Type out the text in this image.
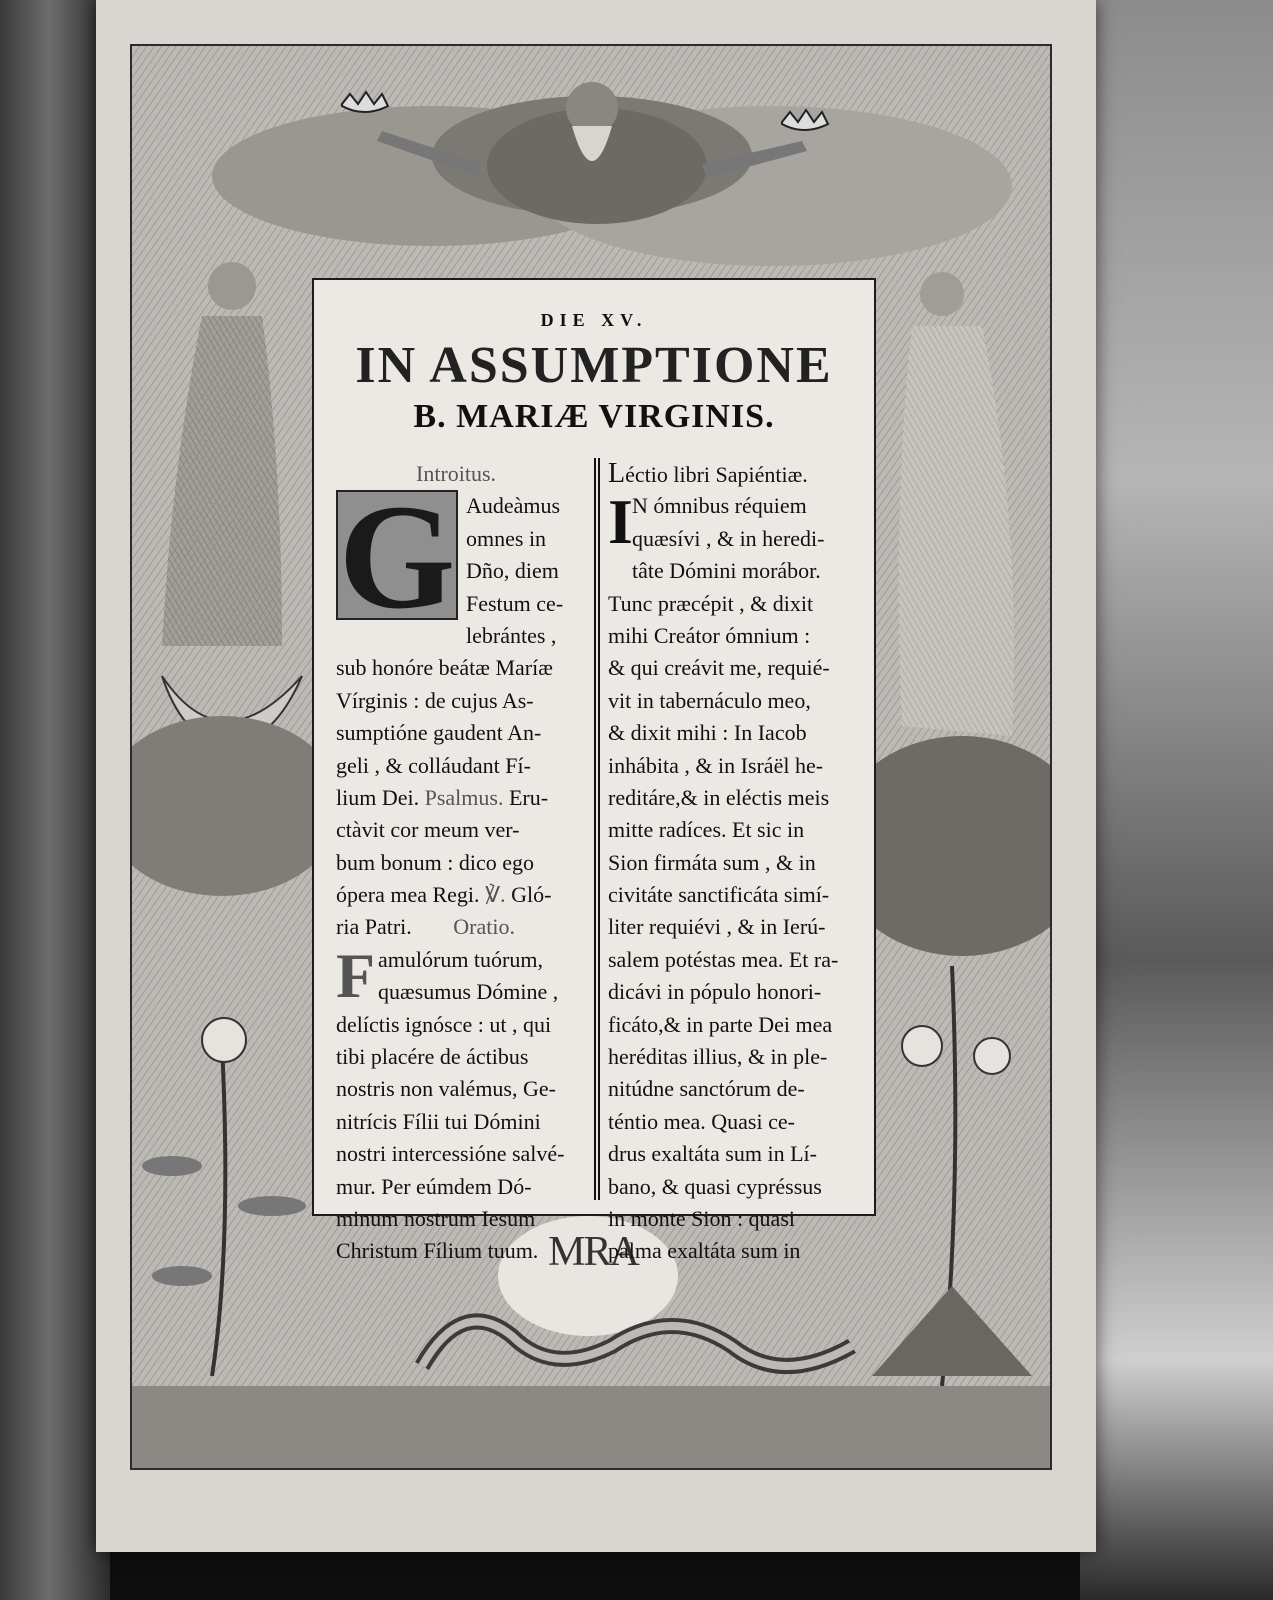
MRA
DIE XV.
IN ASSUMPTIONE
B. MARIÆ VIRGINIS.
Introitus.
G Audeàmus
omnes in
Dño, diem
Festum ce-
lebrántes ,
sub honóre beátæ Maríæ
Vírginis : de cujus As-
sumptióne gaudent An-
geli , & colláudant Fí-
lium Dei. Psalmus. Eru-
ctàvit cor meum ver-
bum bonum : dico ego
ópera mea Regi. ℣. Gló-
ria Patri. Oratio.
F amulórum tuórum,
quæsumus Dómine ,
delíctis ignósce : ut , qui
tibi placére de áctibus
nostris non valémus, Ge-
nitrícis Fílii tui Dómini
nostri intercessióne salvé-
mur. Per eúmdem Dó-
minum nostrum Iesum
Christum Fílium tuum.
Léctio libri Sapiéntiæ.
I N ómnibus réquiem
quæsívi , & in heredi-
tâte Dómini morábor.
Tunc præcépit , & dixit
mihi Creátor ómnium :
& qui creávit me, requié-
vit in tabernáculo meo,
& dixit mihi : In Iacob
inhábita , & in Isráël he-
reditáre,& in eléctis meis
mitte radíces. Et sic in
Sion firmáta sum , & in
civitáte sanctificáta simí-
liter requiévi , & in Ierú-
salem potéstas mea. Et ra-
dicávi in pópulo honori-
ficáto,& in parte Dei mea
heréditas illius, & in ple-
nitúdne sanctórum de-
téntio mea. Quasi ce-
drus exaltáta sum in Lí-
bano, & quasi cypréssus
in monte Sion : quasi
palma exaltáta sum in
